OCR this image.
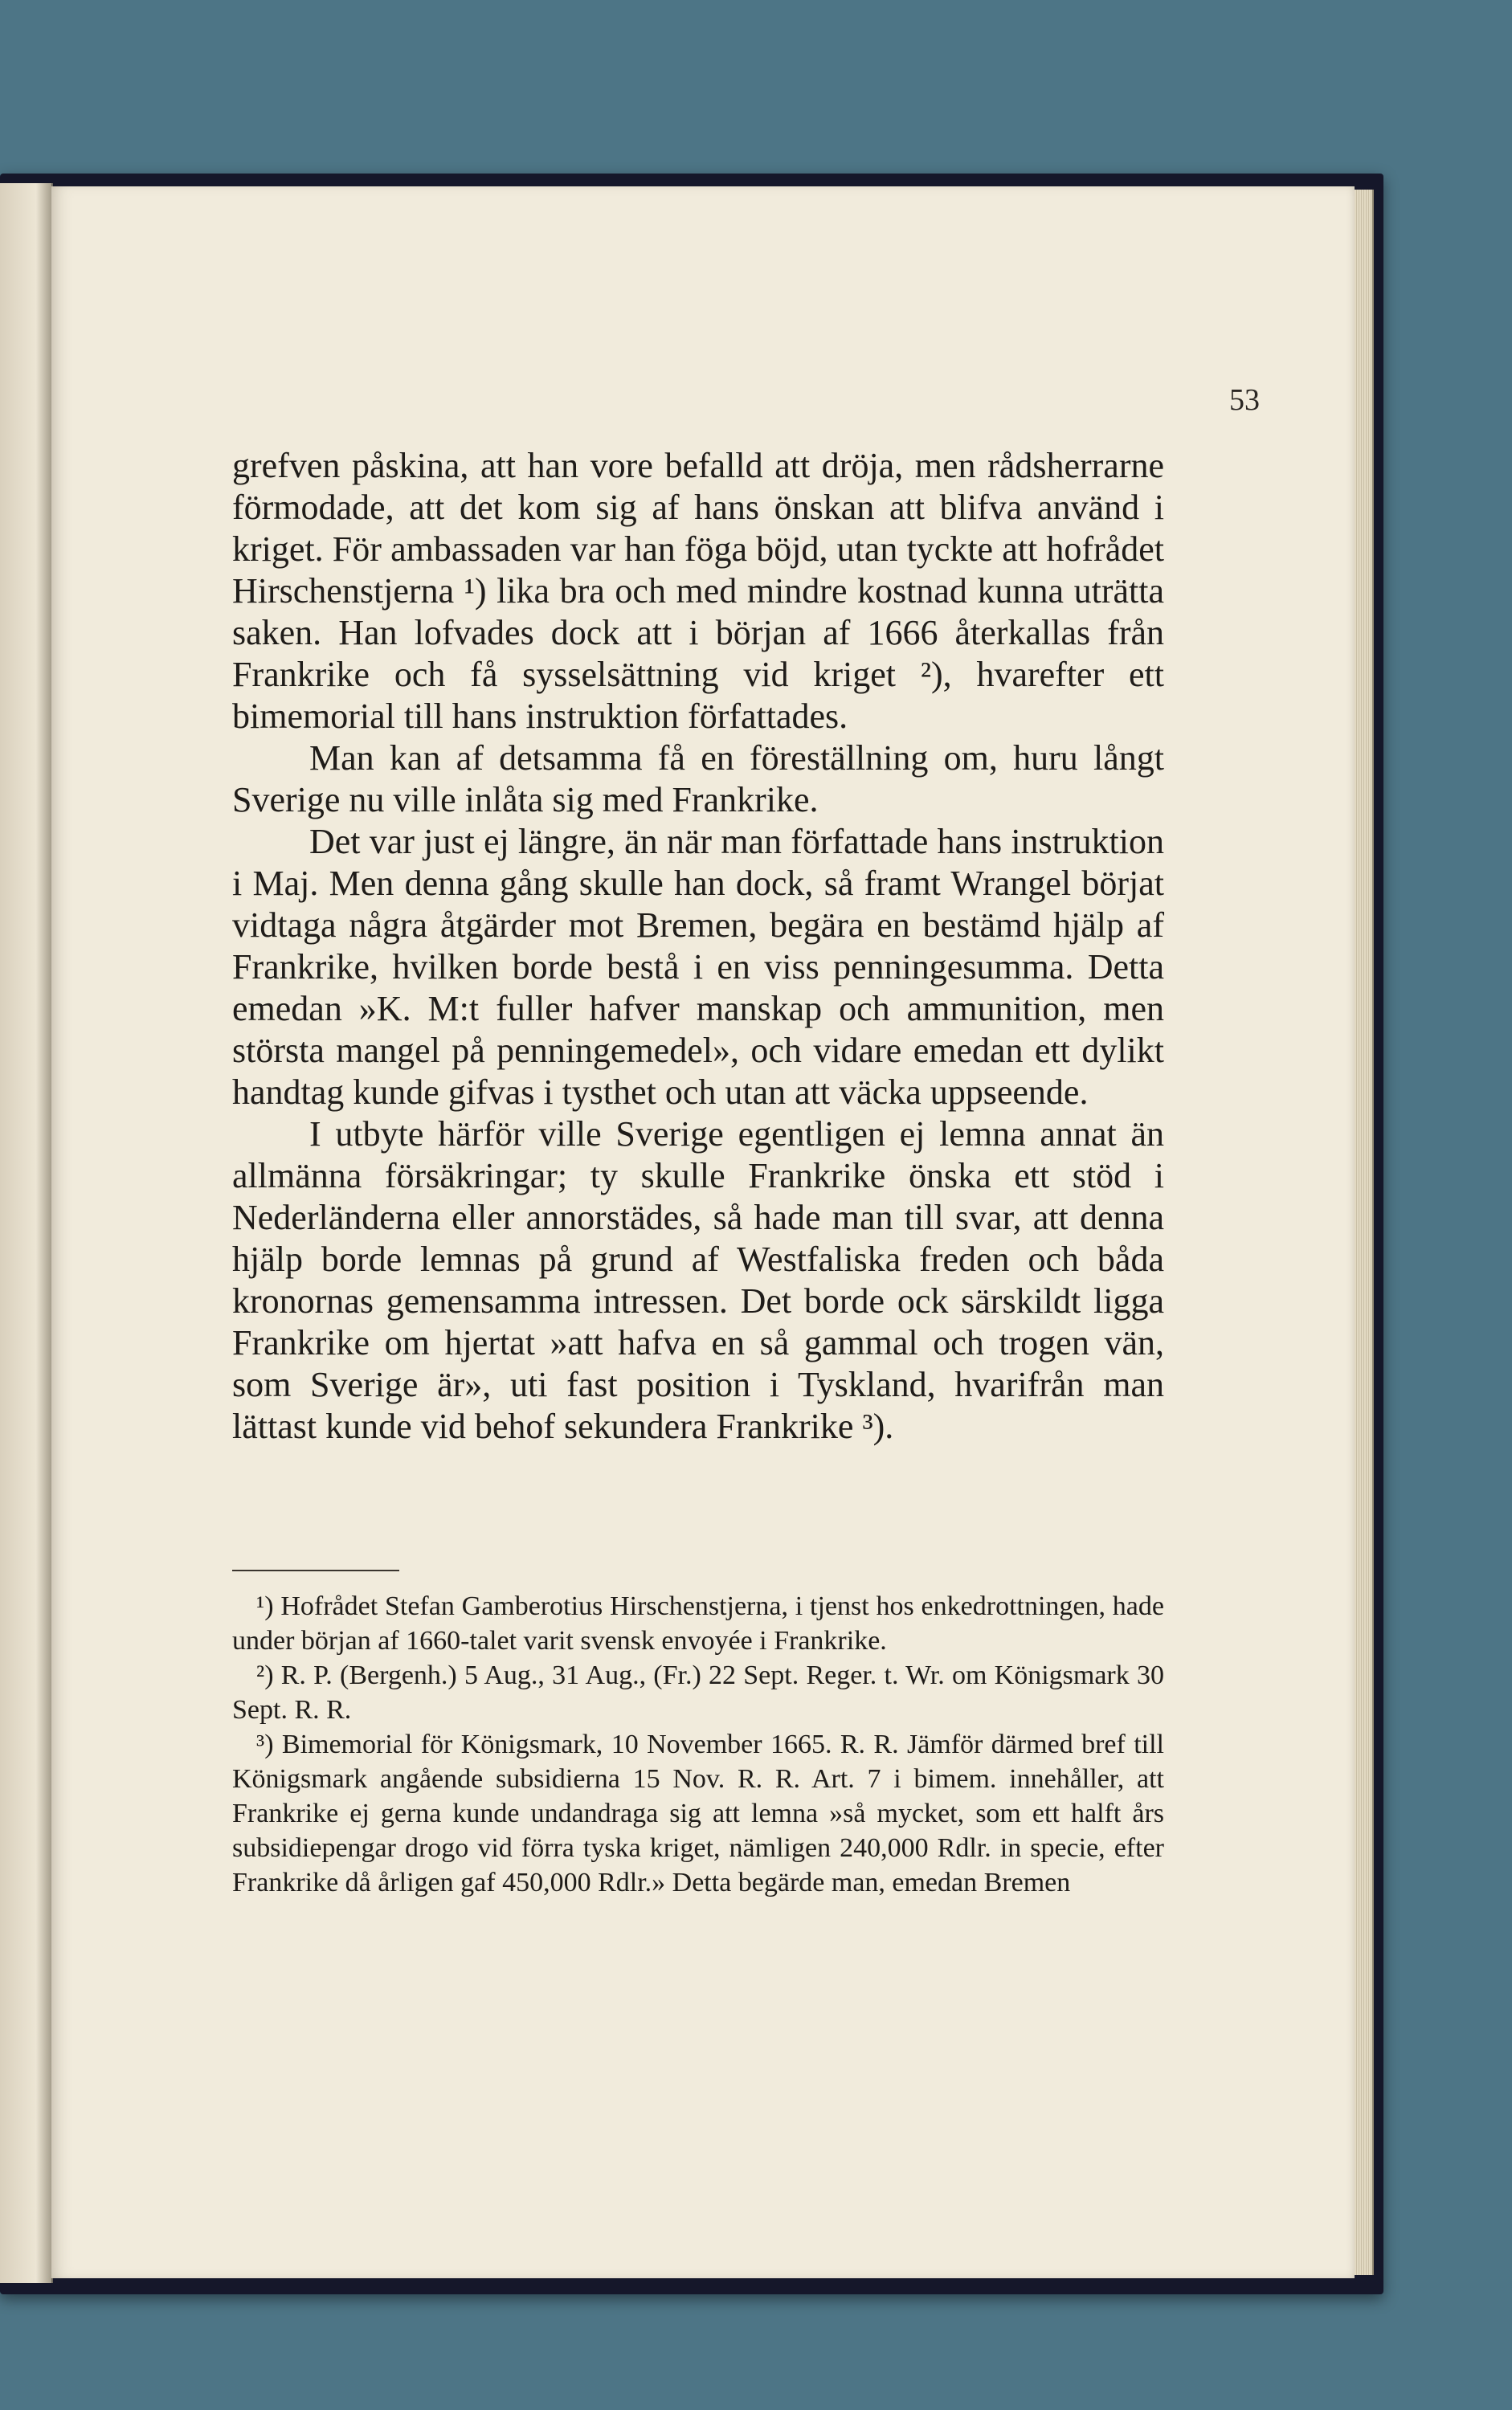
53

grefven påskina, att han vore befalld att dröja, men rådsherrarne förmodade, att det kom sig af hans önskan att blifva använd i kriget. För ambassaden var han föga böjd, utan tyckte att hofrådet Hirschenstjerna ¹) lika bra och med mindre kostnad kunna uträtta saken. Han lofvades dock att i början af 1666 återkallas från Frankrike och få sysselsättning vid kriget ²), hvarefter ett bimemorial till hans instruktion författades.

Man kan af detsamma få en föreställning om, huru långt Sverige nu ville inlåta sig med Frankrike.

Det var just ej längre, än när man författade hans instruktion i Maj. Men denna gång skulle han dock, så framt Wrangel börjat vidtaga några åtgärder mot Bremen, begära en bestämd hjälp af Frankrike, hvilken borde bestå i en viss penningesumma. Detta emedan »K. M:t fuller hafver manskap och ammunition, men största mangel på penningemedel», och vidare emedan ett dylikt handtag kunde gifvas i tysthet och utan att väcka uppseende.

I utbyte härför ville Sverige egentligen ej lemna annat än allmänna försäkringar; ty skulle Frankrike önska ett stöd i Nederländerna eller annorstädes, så hade man till svar, att denna hjälp borde lemnas på grund af Westfaliska freden och båda kronornas gemensamma intressen. Det borde ock särskildt ligga Frankrike om hjertat »att hafva en så gammal och trogen vän, som Sverige är», uti fast position i Tyskland, hvarifrån man lättast kunde vid behof sekundera Frankrike ³).

¹) Hofrådet Stefan Gamberotius Hirschenstjerna, i tjenst hos enkedrottningen, hade under början af 1660-talet varit svensk envoyée i Frankrike.

²) R. P. (Bergenh.) 5 Aug., 31 Aug., (Fr.) 22 Sept. Reger. t. Wr. om Königsmark 30 Sept. R. R.

³) Bimemorial för Königsmark, 10 November 1665. R. R. Jämför därmed bref till Königsmark angående subsidierna 15 Nov. R. R. Art. 7 i bimem. innehåller, att Frankrike ej gerna kunde undandraga sig att lemna »så mycket, som ett halft års subsidiepengar drogo vid förra tyska kriget, nämligen 240,000 Rdlr. in specie, efter Frankrike då årligen gaf 450,000 Rdlr.» Detta begärde man, emedan Bremen
